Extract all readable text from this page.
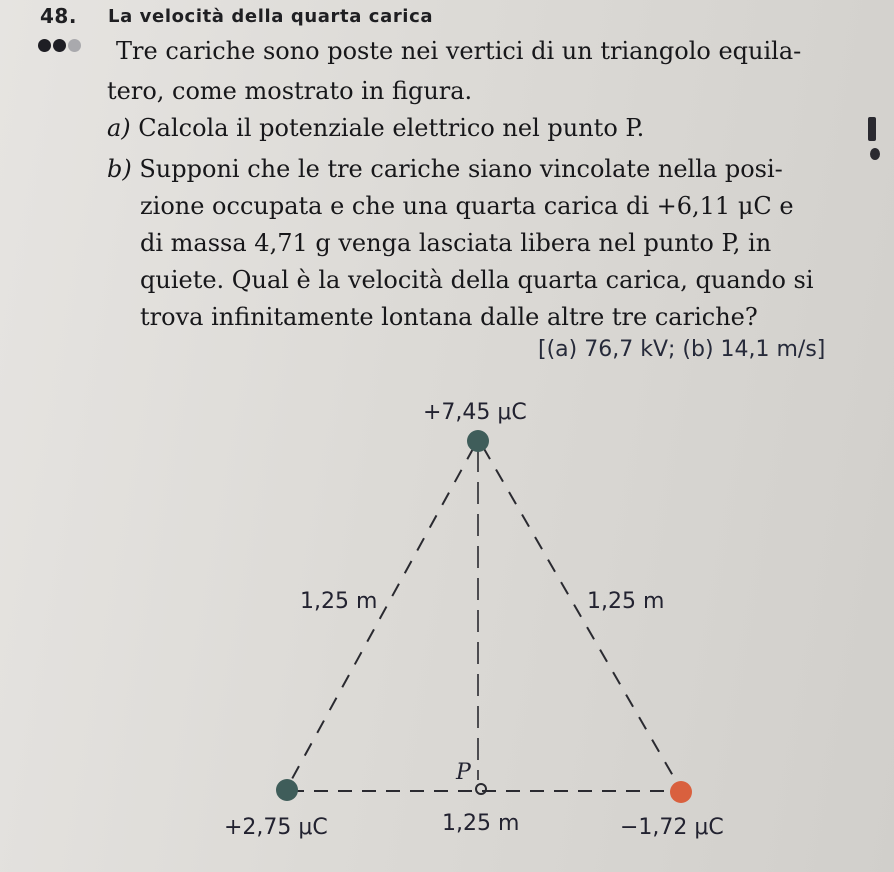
48. La velocità della quarta carica
Tre cariche sono poste nei vertici di un triangolo equila-
tero, come mostrato in figura.
a) Calcola il potenziale elettrico nel punto P.
b) Supponi che le tre cariche siano vincolate nella posi-
zione occupata e che una quarta carica di +6,11 μC e
di massa 4,71 g venga lasciata libera nel punto P, in
quiete. Qual è la velocità della quarta carica, quando si
trova infinitamente lontana dalle altre tre cariche?
[(a) 76,7 kV; (b) 14,1 m/s]
+7,45 μC
1,25 m	1,25 m
P
+2,75 μC	1,25 m	−1,72 μC
